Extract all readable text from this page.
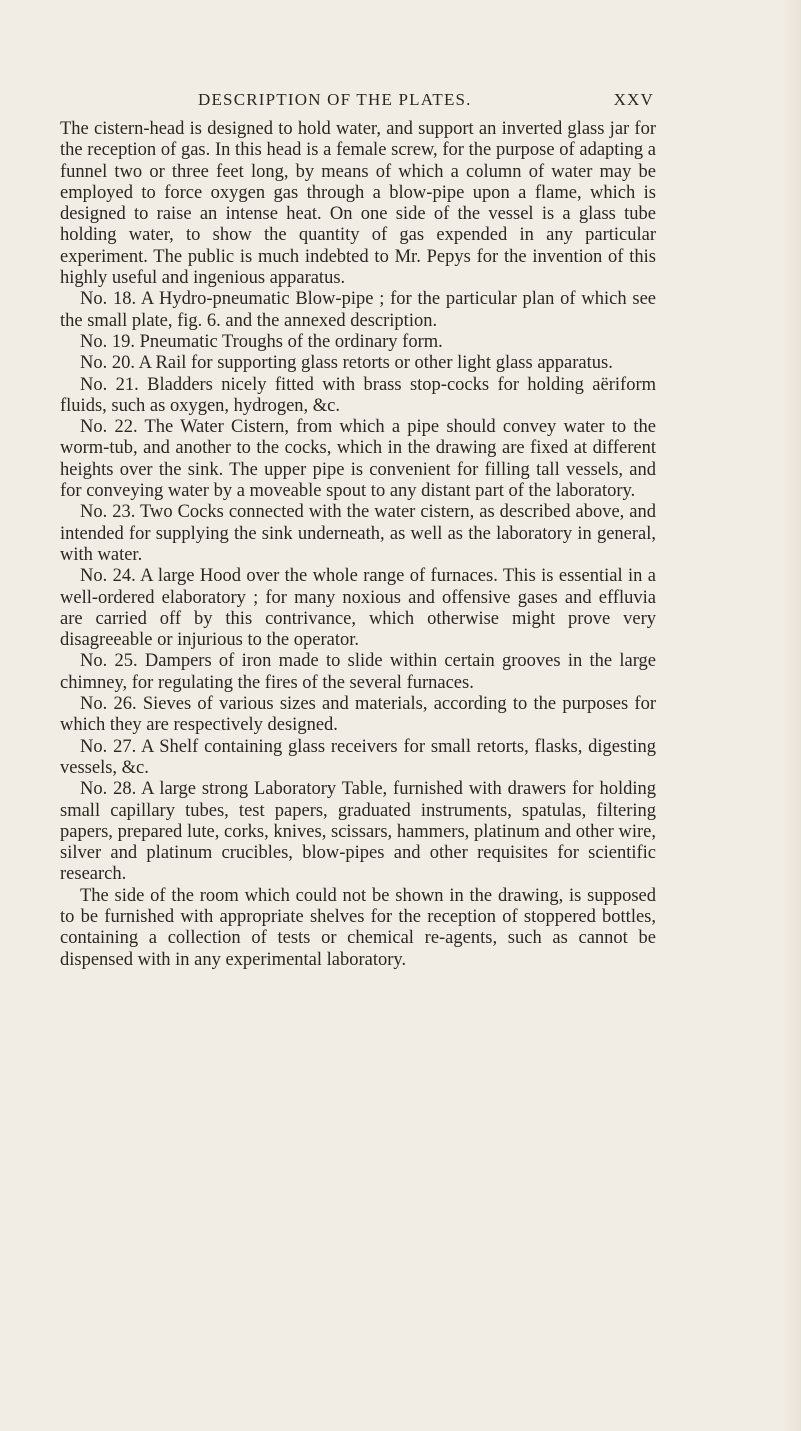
DESCRIPTION OF THE PLATES.	XXV

The cistern-head is designed to hold water, and support an inverted glass jar for the reception of gas. In this head is a female screw, for the purpose of adapting a funnel two or three feet long, by means of which a column of water may be employed to force oxygen gas through a blow-pipe upon a flame, which is designed to raise an intense heat. On one side of the vessel is a glass tube holding water, to show the quantity of gas expended in any particular experiment. The public is much indebted to Mr. Pepys for the invention of this highly useful and ingenious apparatus.

No. 18. A Hydro-pneumatic Blow-pipe ; for the particular plan of which see the small plate, fig. 6. and the annexed description.

No. 19. Pneumatic Troughs of the ordinary form.

No. 20. A Rail for supporting glass retorts or other light glass apparatus.

No. 21. Bladders nicely fitted with brass stop-cocks for holding aëriform fluids, such as oxygen, hydrogen, &c.

No. 22. The Water Cistern, from which a pipe should convey water to the worm-tub, and another to the cocks, which in the drawing are fixed at different heights over the sink. The upper pipe is convenient for filling tall vessels, and for conveying water by a moveable spout to any distant part of the laboratory.

No. 23. Two Cocks connected with the water cistern, as described above, and intended for supplying the sink underneath, as well as the laboratory in general, with water.

No. 24. A large Hood over the whole range of furnaces. This is essential in a well-ordered elaboratory ; for many noxious and offensive gases and effluvia are carried off by this contrivance, which otherwise might prove very disagreeable or injurious to the operator.

No. 25. Dampers of iron made to slide within certain grooves in the large chimney, for regulating the fires of the several furnaces.

No. 26. Sieves of various sizes and materials, according to the purposes for which they are respectively designed.

No. 27. A Shelf containing glass receivers for small retorts, flasks, digesting vessels, &c.

No. 28. A large strong Laboratory Table, furnished with drawers for holding small capillary tubes, test papers, graduated instruments, spatulas, filtering papers, prepared lute, corks, knives, scissars, hammers, platinum and other wire, silver and platinum crucibles, blow-pipes and other requisites for scientific research.

The side of the room which could not be shown in the drawing, is supposed to be furnished with appropriate shelves for the reception of stoppered bottles, containing a collection of tests or chemical re-agents, such as cannot be dispensed with in any experimental laboratory.
